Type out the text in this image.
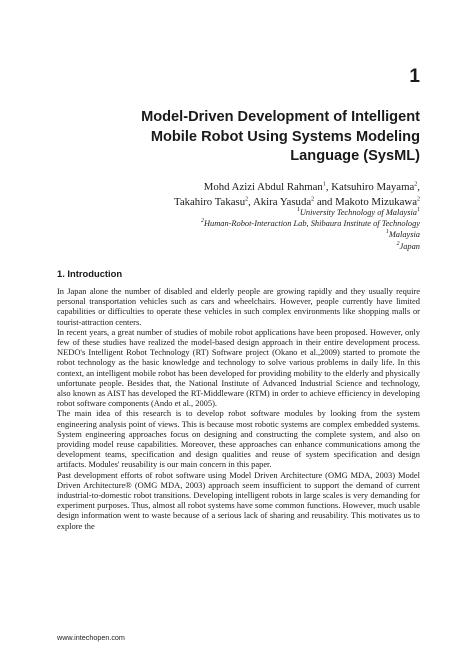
1
Model-Driven Development of Intelligent
Mobile Robot Using Systems Modeling
Language (SysML)
Mohd Azizi Abdul Rahman$^1$, Katsuhiro Mayama$^2$,
Takahiro Takasu$^2$, Akira Yasuda$^2$ and Makoto Mizukawa$^2$
$^1$University Technology of Malaysia$^1$
$^2$Human-Robot-Interaction Lab, Shibaura Institute of Technology
$^1$Malaysia
$^2$Japan
1. Introduction

In Japan alone the number of disabled and elderly people are growing rapidly and they usually require personal transportation vehicles such as cars and wheelchairs. However, people currently have limited capabilities or difficulties to operate these vehicles in such complex environments like shopping malls or tourist-attraction centers.

In recent years, a great number of studies of mobile robot applications have been proposed. However, only few of these studies have realized the model-based design approach in their entire development process. NEDO's Intelligent Robot Technology (RT) Software project (Okano et al.,2009) started to promote the robot technology as the basic knowledge and technology to solve various problems in daily life. In this context, an intelligent mobile robot has been developed for providing mobility to the elderly and physically unfortunate people. Besides that, the National Institute of Advanced Industrial Science and technology, also known as AIST has developed the RT-Middleware (RTM) in order to achieve efficiency in developing robot software components (Ando et al., 2005).

The main idea of this research is to develop robot software modules by looking from the system engineering analysis point of views. This is because most robotic systems are complex embedded systems. System engineering approaches focus on designing and constructing the complete system, and also on providing model reuse capabilities. Moreover, these approaches can enhance communications among the development teams, specification and design qualities and reuse of system specification and design artifacts. Modules' reusability is our main concern in this paper.

Past development efforts of robot software using Model Driven Architecture (OMG MDA, 2003) Model Driven Architecture® (OMG MDA, 2003) approach seem insufficient to support the demand of current industrial-to-domestic robot transitions. Developing intelligent robots in large scales is very demanding for experiment purposes. Thus, almost all robot systems have some common functions. However, much usable design information went to waste because of a serious lack of sharing and reusability. This motivates us to explore the

www.intechopen.com
